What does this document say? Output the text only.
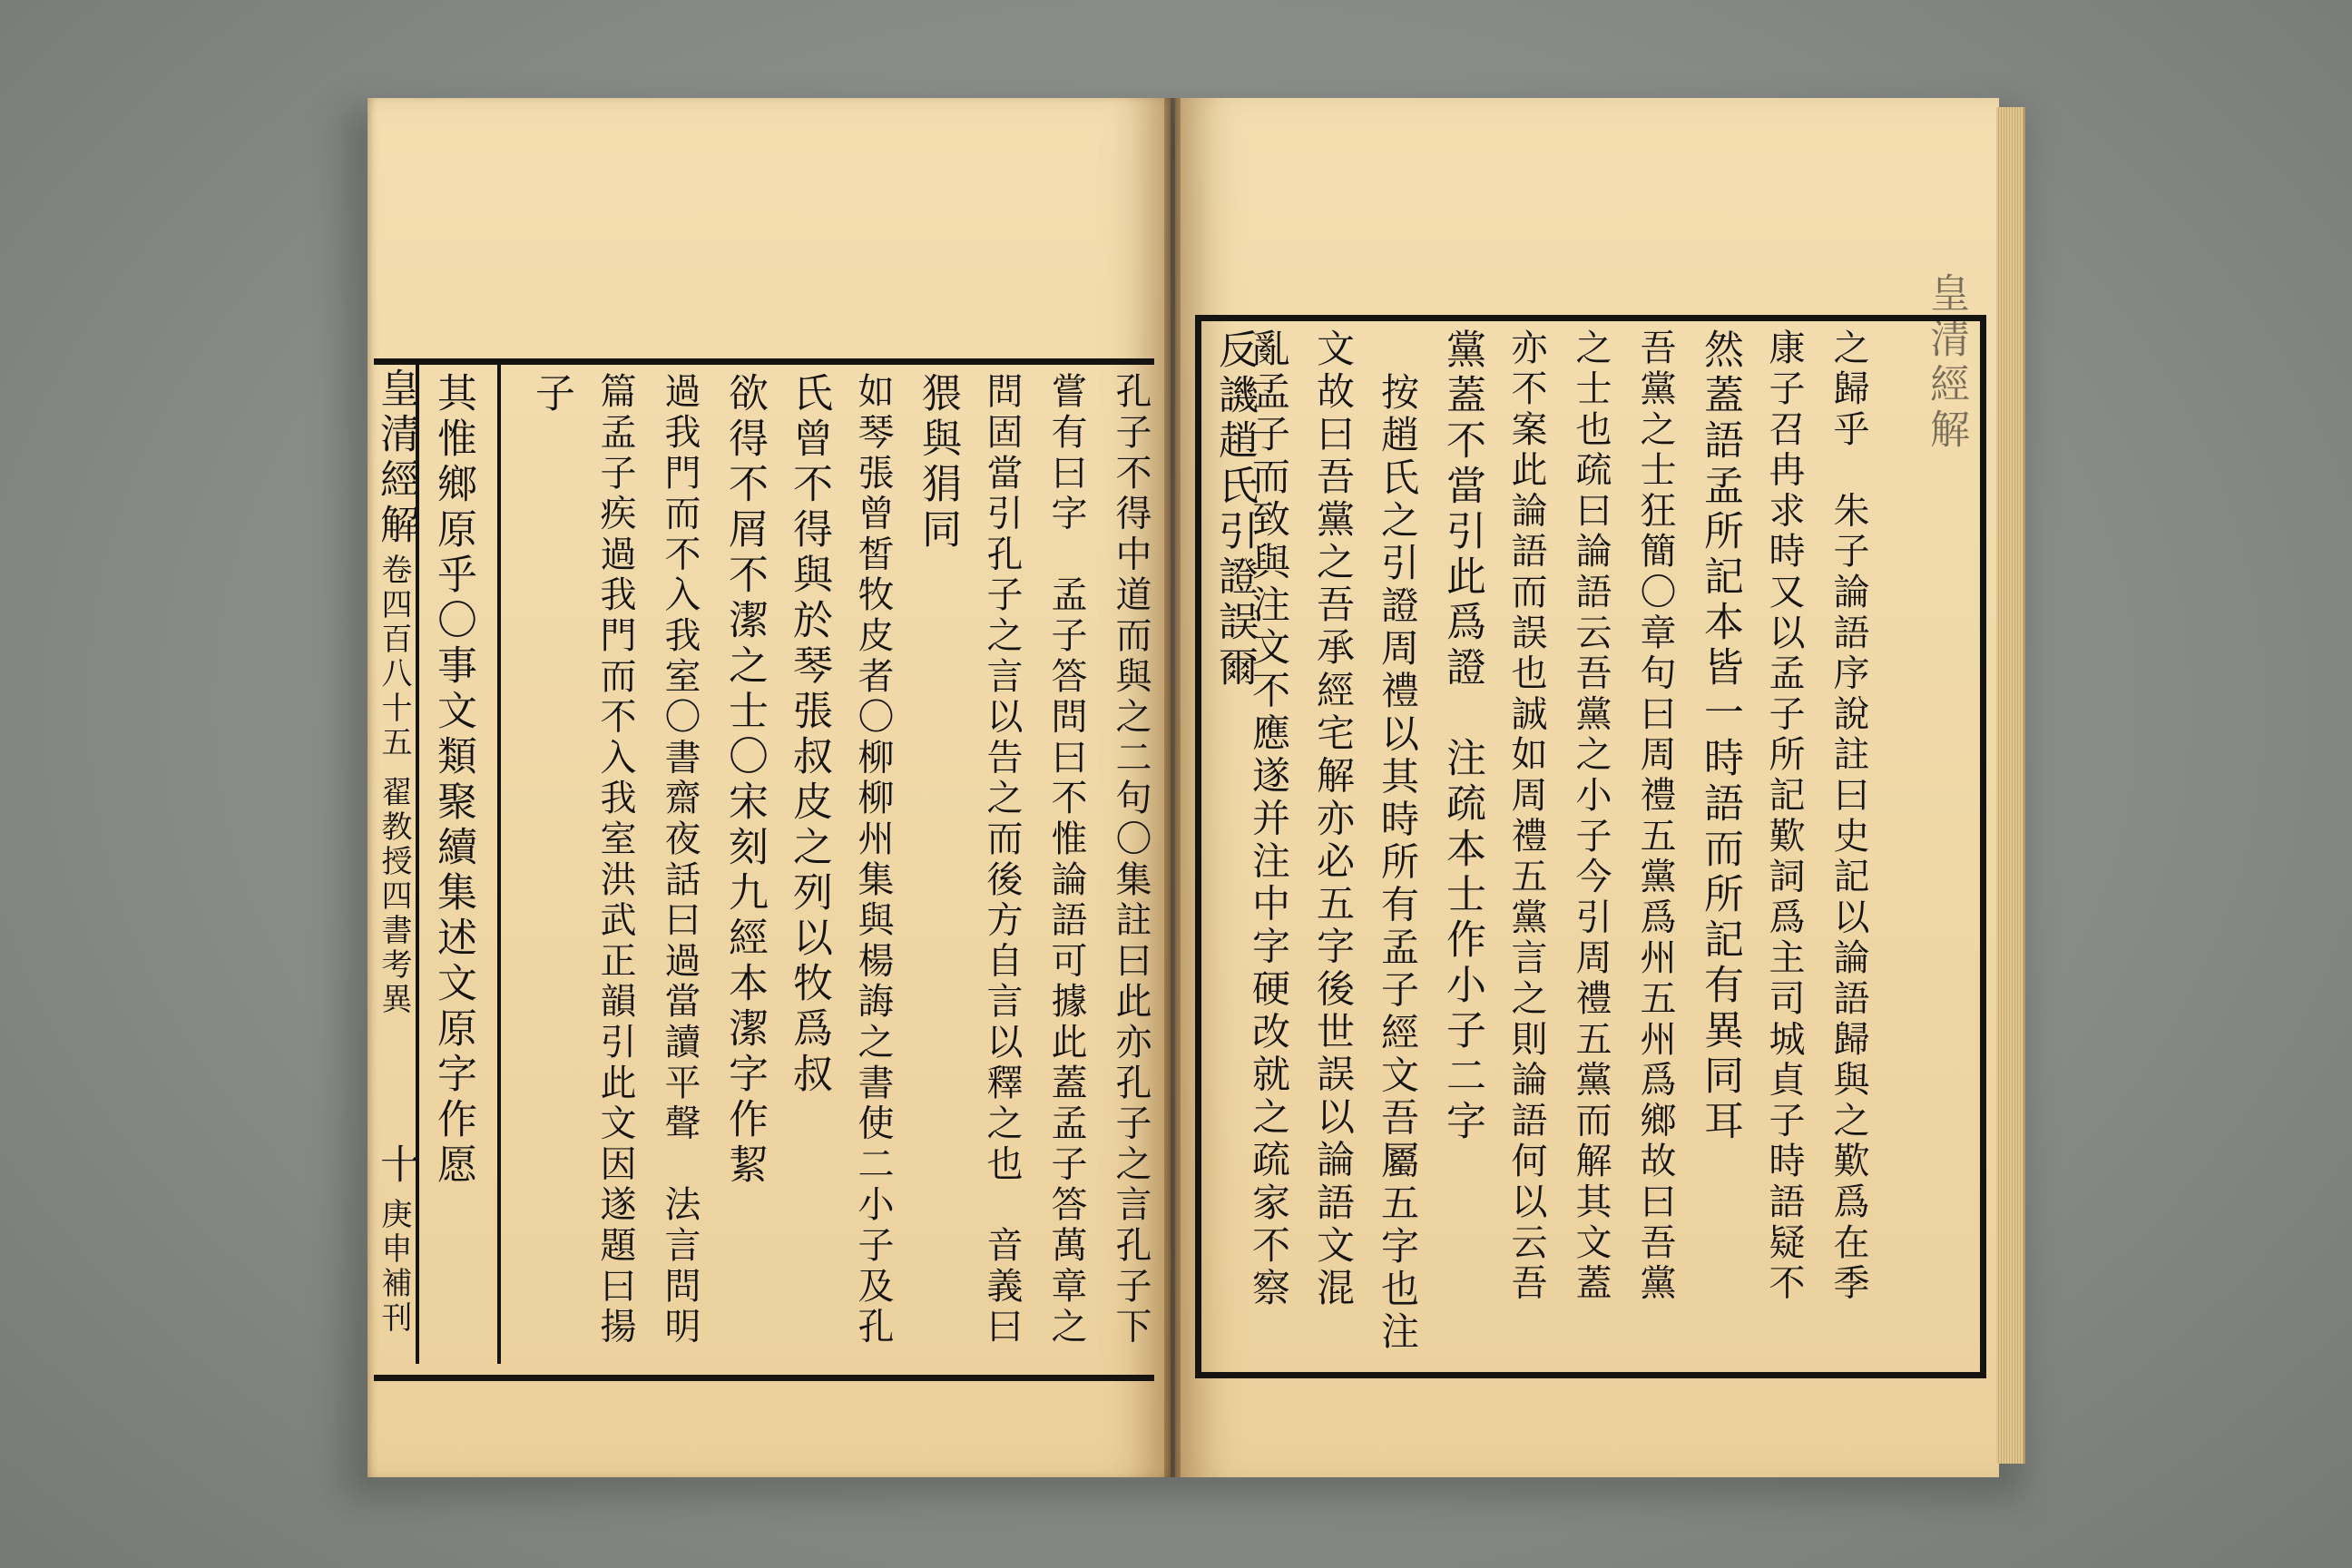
皇清經解
之歸乎　朱子論語序說註曰史記以論語歸與之歎爲在季
康子召冉求時又以孟子所記歎詞爲主司城貞子時語疑不
然蓋語孟所記本皆一時語而所記有異同耳
吾黨之士狂簡〇章句曰周禮五黨爲州五州爲鄉故曰吾黨
之士也疏曰論語云吾黨之小子今引周禮五黨而解其文蓋
亦不案此論語而誤也誠如周禮五黨言之則論語何以云吾
黨蓋不當引此爲證　注疏本士作小子二字
按趙氏之引證周禮以其時所有孟子經文吾屬五字也注
文故曰吾黨之吾承經宅解亦必五字後世誤以論語文混
亂孟子而致與注文不應遂并注中字硬改就之疏家不察
反譏趙氏引證誤爾
孔子不得中道而與之二句〇集註曰此亦孔子之言孔子下
嘗有曰字　孟子答問曰不惟論語可據此蓋孟子答萬章之
問固當引孔子之言以告之而後方自言以釋之也　音義曰
猥與狷同
如琴張曾皙牧皮者〇柳柳州集與楊誨之書使二小子及孔
氏曾不得與於琴張叔皮之列以牧爲叔
欲得不屑不潔之士〇宋刻九經本潔字作絜
過我門而不入我室〇書齋夜話曰過當讀平聲　法言問明
篇孟子疾過我門而不入我室洪武正韻引此文因遂題曰揚
子
其惟鄉原乎〇事文類聚續集述文原字作愿
皇清經解
卷四百八十五
翟教授四書考異
十
庚申補刊
